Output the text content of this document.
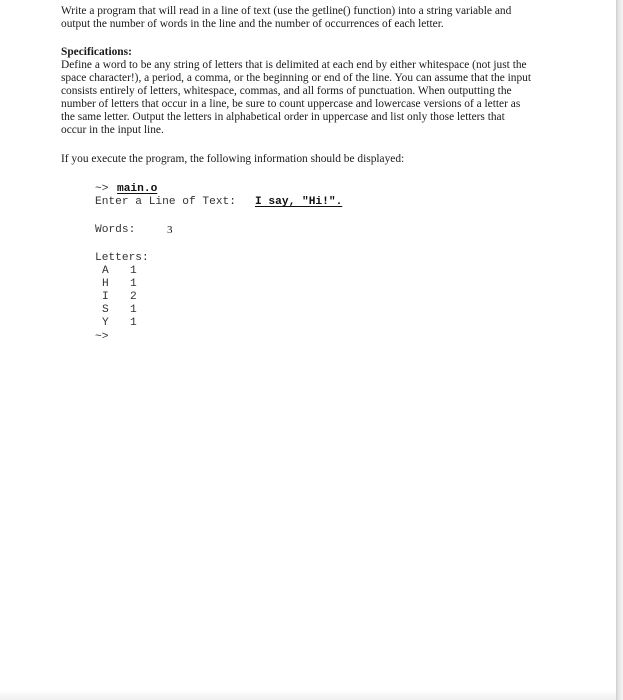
Write a program that will read in a line of text (use the getline() function) into a string variable and

output the number of words in the line and the number of occurrences of each letter.

Specifications:

Define a word to be any string of letters that is delimited at each end by either whitespace (not just the

space character!), a period, a comma, or the beginning or end of the line. You can assume that the input

consists entirely of letters, whitespace, commas, and all forms of punctuation. When outputting the

number of letters that occur in a line, be sure to count uppercase and lowercase versions of a letter as

the same letter. Output the letters in alphabetical order in uppercase and list only those letters that

occur in the input line.

If you execute the program, the following information should be displayed:

~> main.o
Enter a Line of Text: I say, "Hi!".
Words:	3
Letters:
A 1
H 1
I 2
S 1
Y 1
~>
